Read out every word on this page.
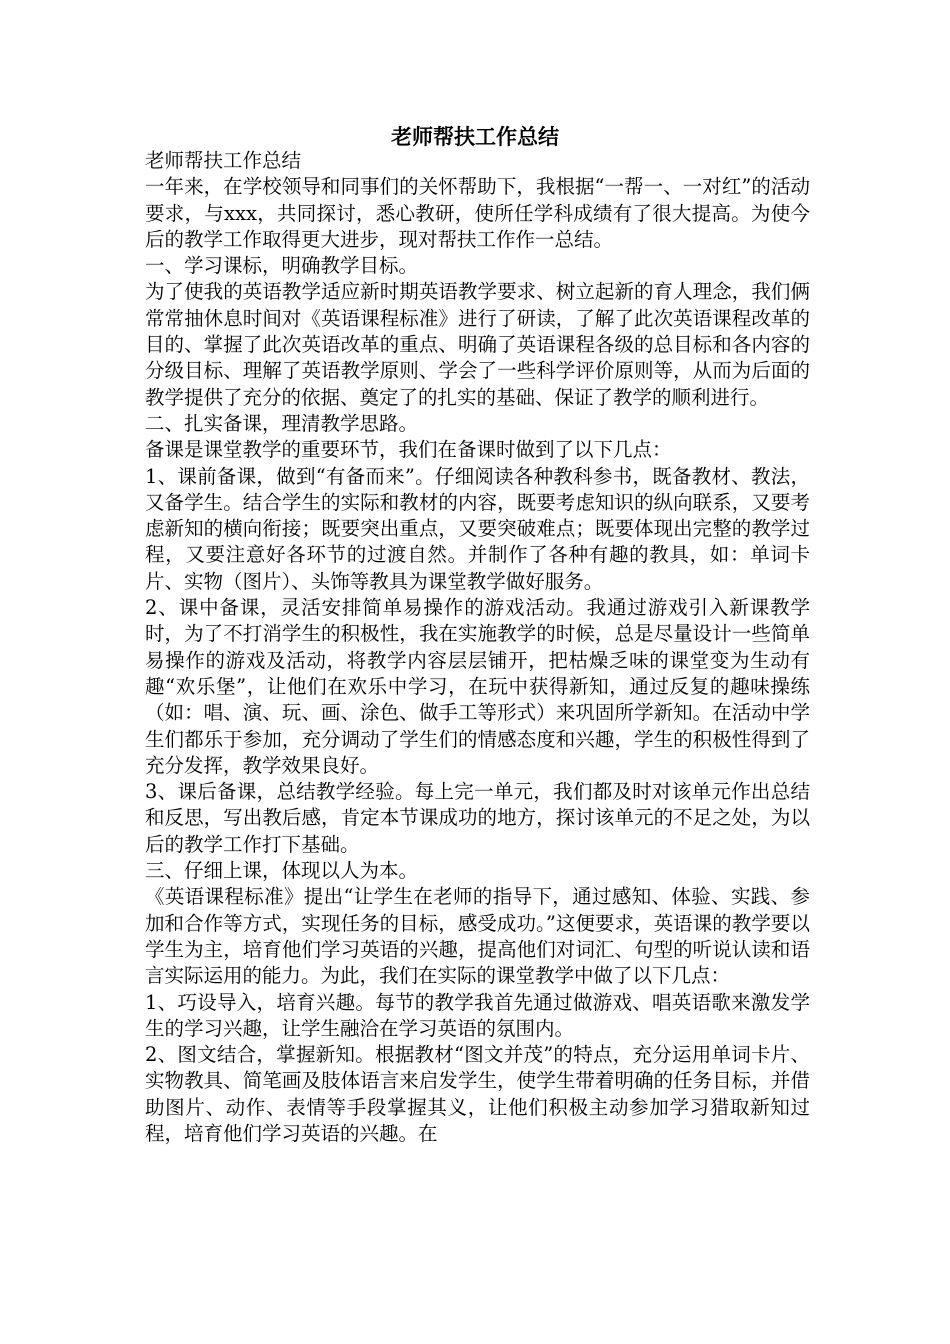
老师帮扶工作总结

老师帮扶工作总结

一年来，在学校领导和同事们的关怀帮助下，我根据“一帮一、一对红”的活动要求，与xxx，共同探讨，悉心教研，使所任学科成绩有了很大提高。为使今后的教学工作取得更大进步，现对帮扶工作作一总结。

一、学习课标，明确教学目标。

为了使我的英语教学适应新时期英语教学要求、树立起新的育人理念，我们俩常常抽休息时间对《英语课程标准》进行了研读，了解了此次英语课程改革的目的、掌握了此次英语改革的重点、明确了英语课程各级的总目标和各内容的分级目标、理解了英语教学原则、学会了一些科学评价原则等，从而为后面的教学提供了充分的依据、奠定了的扎实的基础、保证了教学的顺利进行。

二、扎实备课，理清教学思路。

备课是课堂教学的重要环节，我们在备课时做到了以下几点：

1、课前备课，做到“有备而来”。仔细阅读各种教科参书，既备教材、教法，又备学生。结合学生的实际和教材的内容，既要考虑知识的纵向联系，又要考虑新知的横向衔接；既要突出重点，又要突破难点；既要体现出完整的教学过程，又要注意好各环节的过渡自然。并制作了各种有趣的教具，如：单词卡片、实物（图片）、头饰等教具为课堂教学做好服务。

2、课中备课，灵活安排简单易操作的游戏活动。我通过游戏引入新课教学时，为了不打消学生的积极性，我在实施教学的时候，总是尽量设计一些简单易操作的游戏及活动，将教学内容层层铺开，把枯燥乏味的课堂变为生动有趣“欢乐堡”，让他们在欢乐中学习，在玩中获得新知，通过反复的趣味操练（如：唱、演、玩、画、涂色、做手工等形式）来巩固所学新知。在活动中学生们都乐于参加，充分调动了学生们的情感态度和兴趣，学生的积极性得到了充分发挥，教学效果良好。

3、课后备课，总结教学经验。每上完一单元，我们都及时对该单元作出总结和反思，写出教后感，肯定本节课成功的地方，探讨该单元的不足之处，为以后的教学工作打下基础。

三、仔细上课，体现以人为本。

《英语课程标准》提出“让学生在老师的指导下，通过感知、体验、实践、参加和合作等方式，实现任务的目标，感受成功。”这便要求，英语课的教学要以学生为主，培育他们学习英语的兴趣，提高他们对词汇、句型的听说认读和语言实际运用的能力。为此，我们在实际的课堂教学中做了以下几点：

1、巧设导入，培育兴趣。每节的教学我首先通过做游戏、唱英语歌来激发学生的学习兴趣，让学生融洽在学习英语的氛围内。

2、图文结合，掌握新知。根据教材“图文并茂”的特点，充分运用单词卡片、实物教具、简笔画及肢体语言来启发学生，使学生带着明确的任务目标，并借助图片、动作、表情等手段掌握其义，让他们积极主动参加学习猎取新知过程，培育他们学习英语的兴趣。在
